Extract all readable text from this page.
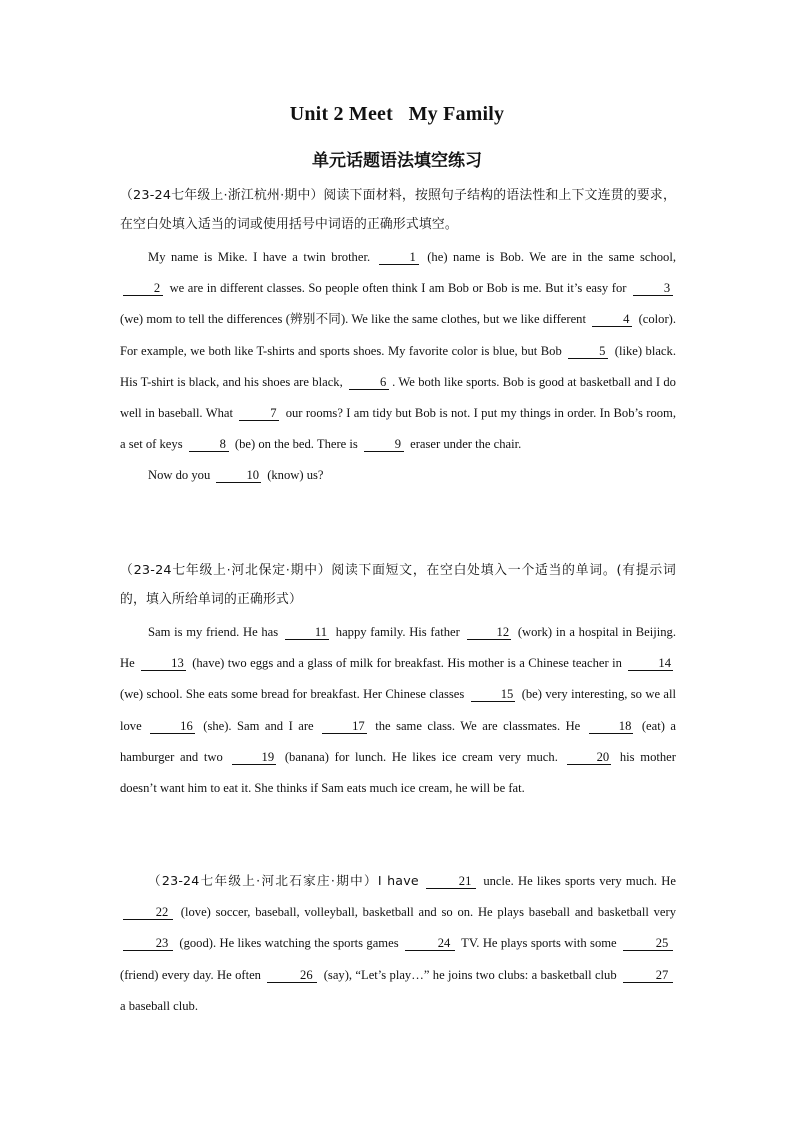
Unit 2 Meet   My Family
单元话题语法填空练习

（23-24七年级上·浙江杭州·期中）阅读下面材料，按照句子结构的语法性和上下文连贯的要求，在空白处填入适当的词或使用括号中词语的正确形式填空。

My name is Mike. I have a twin brother.	1 (he) name is Bob. We are in the same school, 2 we are in different classes. So people often think I am Bob or Bob is me. But it’s easy for	3 (we) mom to tell the differences (辨别不同). We like the same clothes, but we like different	4 (color). For example, we both like T-shirts and sports shoes. My favorite color is blue, but Bob	5 (like) black. His T-shirt is black, and his shoes are black,	6 . We both like sports. Bob is good at basketball and I do well in baseball. What	7 our rooms? I am tidy but Bob is not. I put my things in order. In Bob’s room, a set of keys	8 (be) on the bed. There is	9 eraser under the chair.

Now do you	10 (know) us?

（23-24七年级上·河北保定·期中）阅读下面短文，在空白处填入一个适当的单词。(有提示词的，填入所给单词的正确形式）

Sam is my friend. He has	11 happy family. His father	12 (work) in a hospital in Beijing. He	13 (have) two eggs and a glass of milk for breakfast. His mother is a Chinese teacher in	14 (we) school. She eats some bread for breakfast. Her Chinese classes	15 (be) very interesting, so we all love	16 (she). Sam and I are	17 the same class. We are classmates. He	18 (eat) a hamburger and two	19 (banana) for lunch. He likes ice cream very much.	20 his mother doesn’t want him to eat it. She thinks if Sam eats much ice cream, he will be fat.

（23-24七年级上·河北石家庄·期中）I have	21 uncle. He likes sports very much. He 22 (love) soccer, baseball, volleyball, basketball and so on. He plays baseball and basketball very 23 (good). He likes watching the sports games	24 TV. He plays sports with some	25 (friend) every day. He often	26 (say), “Let’s play…” he joins two clubs: a basketball club	27 a baseball club.
